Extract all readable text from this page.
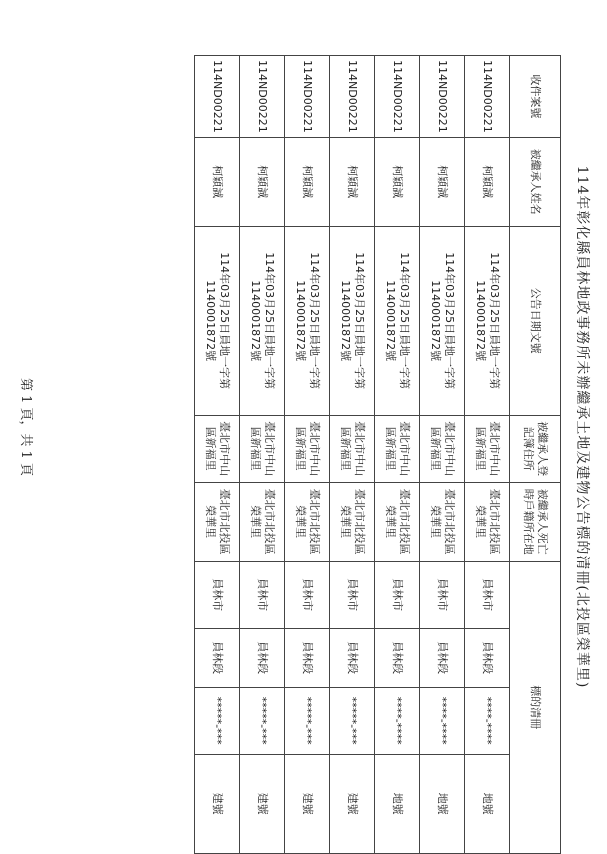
114年彰化縣員林地政事務所未辦繼承土地及建物公告標的清冊(北投區榮華里)
收件案號	被繼承人姓名	公告日期文號	被繼承人登記簿住所	被繼承人死亡時戶籍所在地	標的清冊			
114ND00221	柯穎誠	114年03月25日員地一字第1140001872號	臺北市中山區新福里	臺北市北投區榮華里	員林市	員林段	****-****	地號
114ND00221	柯穎誠	114年03月25日員地一字第1140001872號	臺北市中山區新福里	臺北市北投區榮華里	員林市	員林段	****-****	地號
114ND00221	柯穎誠	114年03月25日員地一字第1140001872號	臺北市中山區新福里	臺北市北投區榮華里	員林市	員林段	****-****	地號
114ND00221	柯穎誠	114年03月25日員地一字第1140001872號	臺北市中山區新福里	臺北市北投區榮華里	員林市	員林段	*****-***	建號
114ND00221	柯穎誠	114年03月25日員地一字第1140001872號	臺北市中山區新福里	臺北市北投區榮華里	員林市	員林段	*****-***	建號
114ND00221	柯穎誠	114年03月25日員地一字第1140001872號	臺北市中山區新福里	臺北市北投區榮華里	員林市	員林段	*****-***	建號
114ND00221	柯穎誠	114年03月25日員地一字第1140001872號	臺北市中山區新福里	臺北市北投區榮華里	員林市	員林段	*****-***	建號
第 1 頁，共 1 頁
